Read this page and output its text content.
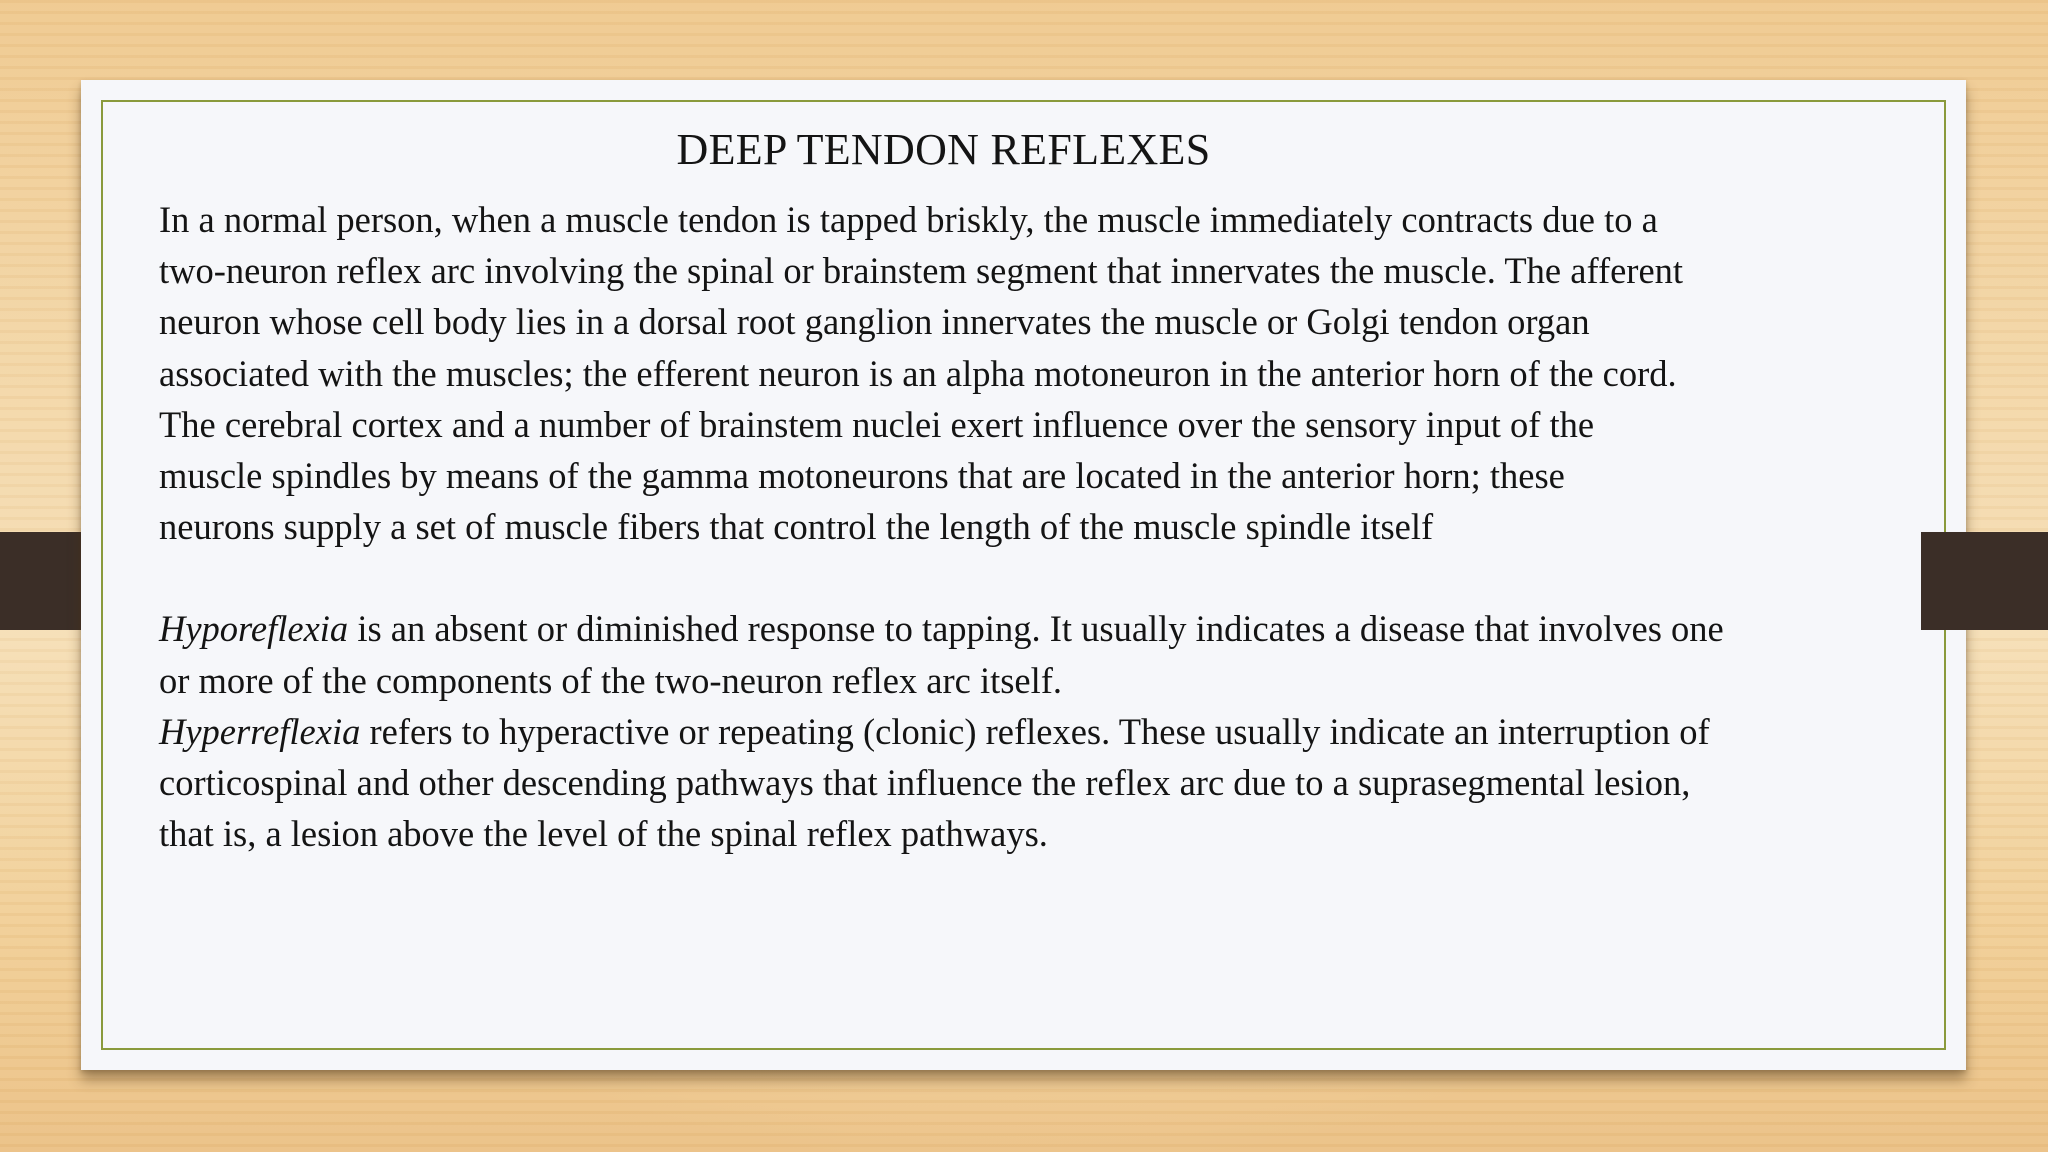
DEEP TENDON REFLEXES
In a normal person, when a muscle tendon is tapped briskly, the muscle immediately contracts due to a
two-neuron reflex arc involving the spinal or brainstem segment that innervates the muscle. The afferent
neuron whose cell body lies in a dorsal root ganglion innervates the muscle or Golgi tendon organ
associated with the muscles; the efferent neuron is an alpha motoneuron in the anterior horn of the cord.
The cerebral cortex and a number of brainstem nuclei exert influence over the sensory input of the
muscle spindles by means of the gamma motoneurons that are located in the anterior horn; these
neurons supply a set of muscle fibers that control the length of the muscle spindle itself
Hyporeflexia is an absent or diminished response to tapping. It usually indicates a disease that involves one
or more of the components of the two-neuron reflex arc itself.
Hyperreflexia refers to hyperactive or repeating (clonic) reflexes. These usually indicate an interruption of
corticospinal and other descending pathways that influence the reflex arc due to a suprasegmental lesion,
that is, a lesion above the level of the spinal reflex pathways.
